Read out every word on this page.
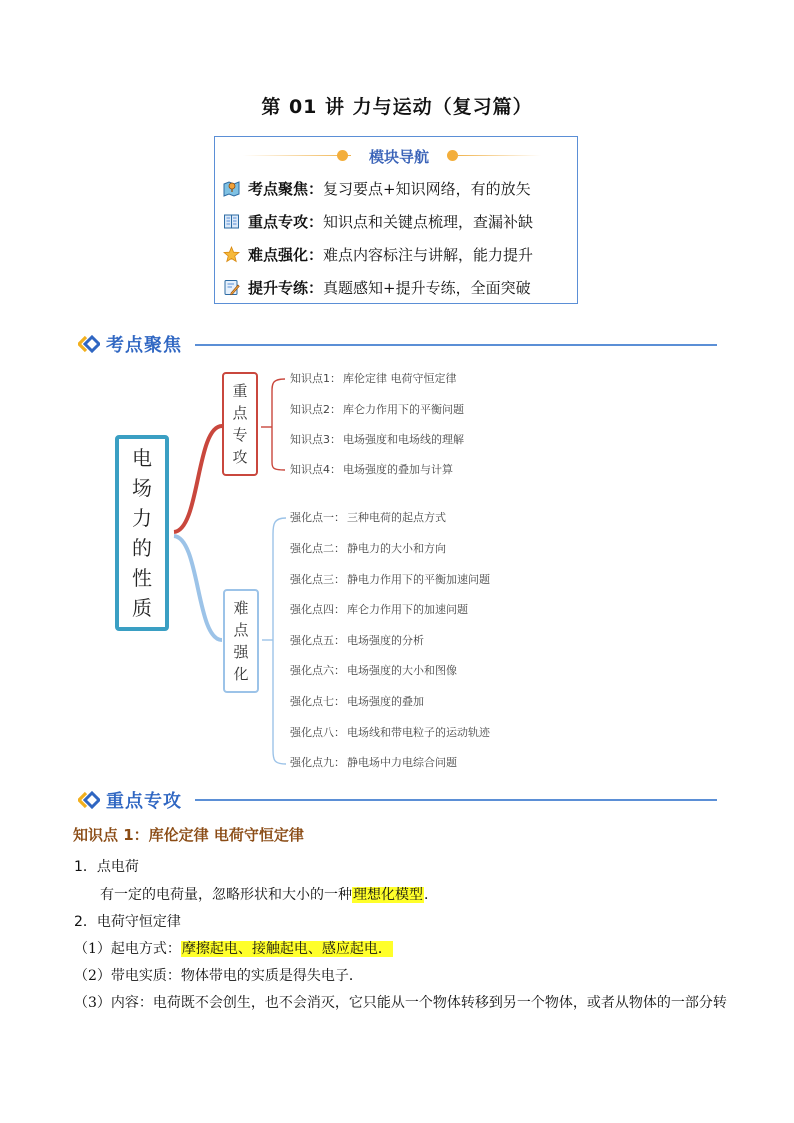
第 01 讲 力与运动（复习篇）
模块导航
考点聚焦： 复习要点+知识网络，有的放矢
重点专攻： 知识点和关键点梳理，查漏补缺
难点强化： 难点内容标注与讲解，能力提升
提升专练： 真题感知+提升专练，全面突破
考点聚焦
电
场
力
的
性
质
重
点
专
攻
难
点
强
化
知识点1： 库伦定律 电荷守恒定律
知识点2： 库仑力作用下的平衡问题
知识点3： 电场强度和电场线的理解
知识点4： 电场强度的叠加与计算
强化点一： 三种电荷的起点方式
强化点二： 静电力的大小和方向
强化点三： 静电力作用下的平衡加速问题
强化点四： 库仑力作用下的加速问题
强化点五： 电场强度的分析
强化点六： 电场强度的大小和图像
强化点七： 电场强度的叠加
强化点八： 电场线和带电粒子的运动轨迹
强化点九： 静电场中力电综合问题
重点专攻
知识点 1：库伦定律 电荷守恒定律
1．点电荷
有一定的电荷量，忽略形状和大小的一种理想化模型．
2．电荷守恒定律
（1）起电方式：摩擦起电、接触起电、感应起电．
（2）带电实质：物体带电的实质是得失电子．
（3）内容：电荷既不会创生，也不会消灭，它只能从一个物体转移到另一个物体，或者从物体的一部分转
